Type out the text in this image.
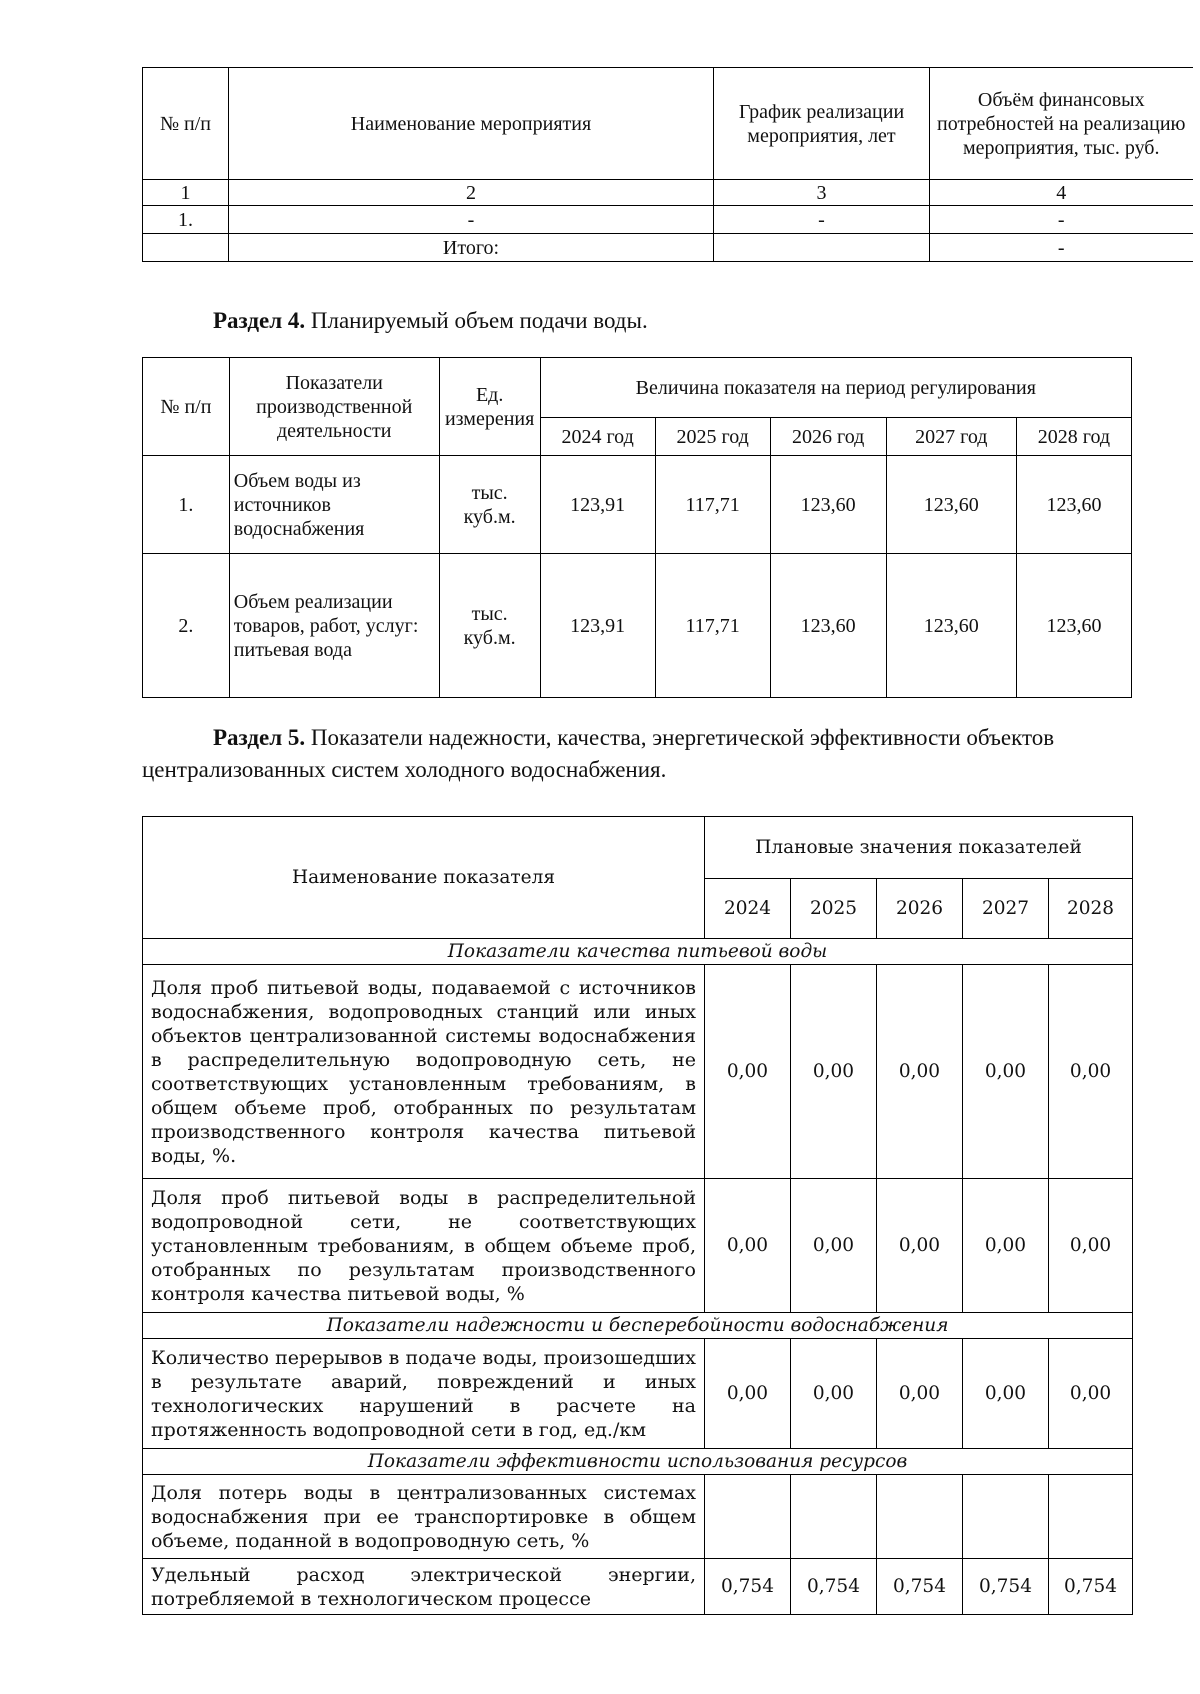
№ п/п	Наименование мероприятия	График реализации мероприятия, лет	Объём финансовых потребностей на реализацию мероприятия, тыс. руб.
1	2	3	4
1.	-	-	-
	Итого:		-
Раздел 4. Планируемый объем подачи воды.
№ п/п	Показатели производственной деятельности	Ед. измерения	Величина показателя на период регулирования				
			2024 год	2025 год	2026 год	2027 год	2028 год
1.	Объем воды из источников водоснабжения	тыс. куб.м.	123,91	117,71	123,60	123,60	123,60
2.	Объем реализации товаров, работ, услуг: питьевая вода	тыс. куб.м.	123,91	117,71	123,60	123,60	123,60
Раздел 5. Показатели надежности, качества, энергетической эффективности объектов централизованных систем холодного водоснабжения.
Наименование показателя	Плановые значения показателей				
	2024	2025	2026	2027	2028
Показатели качества питьевой воды					
Доля проб питьевой воды, подаваемой с источников водоснабжения, водопроводных станций или иных объектов централизованной системы водоснабжения в распределительную водопроводную сеть, не соответствующих установленным требованиям, в общем объеме проб, отобранных по результатам производственного контроля качества питьевой воды, %.	0,00	0,00	0,00	0,00	0,00
Доля проб питьевой воды в распределительной водопроводной сети, не соответствующих установленным требованиям, в общем объеме проб, отобранных по результатам производственного контроля качества питьевой воды, %	0,00	0,00	0,00	0,00	0,00
Показатели надежности и бесперебойности водоснабжения					
Количество перерывов в подаче воды, произошедших в результате аварий, повреждений и иных технологических нарушений в расчете на протяженность водопроводной сети в год, ед./км	0,00	0,00	0,00	0,00	0,00
Показатели эффективности использования ресурсов					
Доля потерь воды в централизованных системах водоснабжения при ее транспортировке в общем объеме, поданной в водопроводную сеть, %					
Удельный расход электрической энергии, потребляемой в технологическом процессе	0,754	0,754	0,754	0,754	0,754
